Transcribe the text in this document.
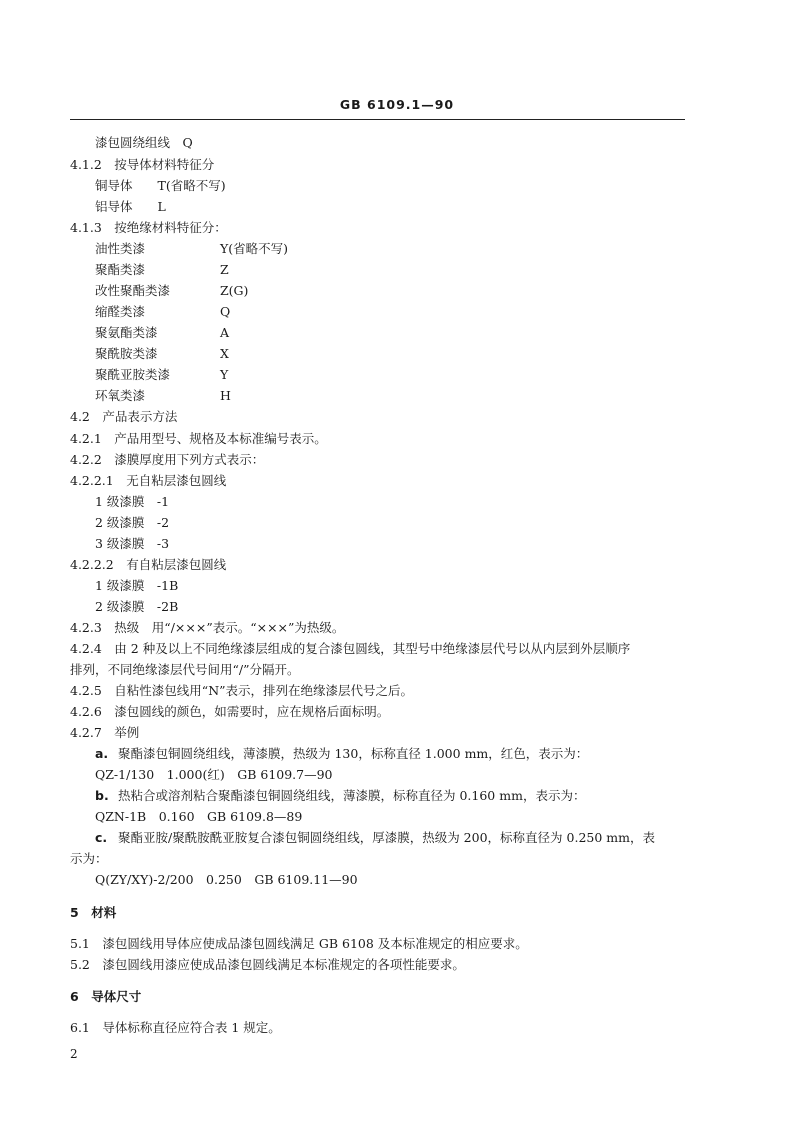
GB 6109.1—90
漆包圆绕组线　Q
4.1.2　按导体材料特征分
铜导体　　T(省略不写)
铝导体　　L
4.1.3　按绝缘材料特征分：
油性类漆	Y(省略不写)
聚酯类漆	Z
改性聚酯类漆	Z(G)
缩醛类漆	Q
聚氨酯类漆	A
聚酰胺类漆	X
聚酰亚胺类漆	Y
环氧类漆	H
4.2　产品表示方法
4.2.1　产品用型号、规格及本标准编号表示。
4.2.2　漆膜厚度用下列方式表示：
4.2.2.1　无自粘层漆包圆线
1 级漆膜　-1
2 级漆膜　-2
3 级漆膜　-3
4.2.2.2　有自粘层漆包圆线
1 级漆膜　-1B
2 级漆膜　-2B
4.2.3　热级　用“/×××”表示。“×××”为热级。
4.2.4　由 2 种及以上不同绝缘漆层组成的复合漆包圆线，其型号中绝缘漆层代号以从内层到外层顺序
排列，不同绝缘漆层代号间用“/”分隔开。
4.2.5　自粘性漆包线用“N”表示，排列在绝缘漆层代号之后。
4.2.6　漆包圆线的颜色，如需要时，应在规格后面标明。
4.2.7　举例
a. 聚酯漆包铜圆绕组线，薄漆膜，热级为 130，标称直径 1.000 mm，红色，表示为：
QZ-1/130　1.000(红)　GB 6109.7—90
b. 热粘合或溶剂粘合聚酯漆包铜圆绕组线，薄漆膜，标称直径为 0.160 mm，表示为：
QZN-1B　0.160　GB 6109.8—89
c. 聚酯亚胺/聚酰胺酰亚胺复合漆包铜圆绕组线，厚漆膜，热级为 200，标称直径为 0.250 mm，表
示为：
Q(ZY/XY)-2/200　0.250　GB 6109.11—90
5　材料
5.1　漆包圆线用导体应使成品漆包圆线满足 GB 6108 及本标准规定的相应要求。
5.2　漆包圆线用漆应使成品漆包圆线满足本标准规定的各项性能要求。
6　导体尺寸
6.1　导体标称直径应符合表 1 规定。
2
